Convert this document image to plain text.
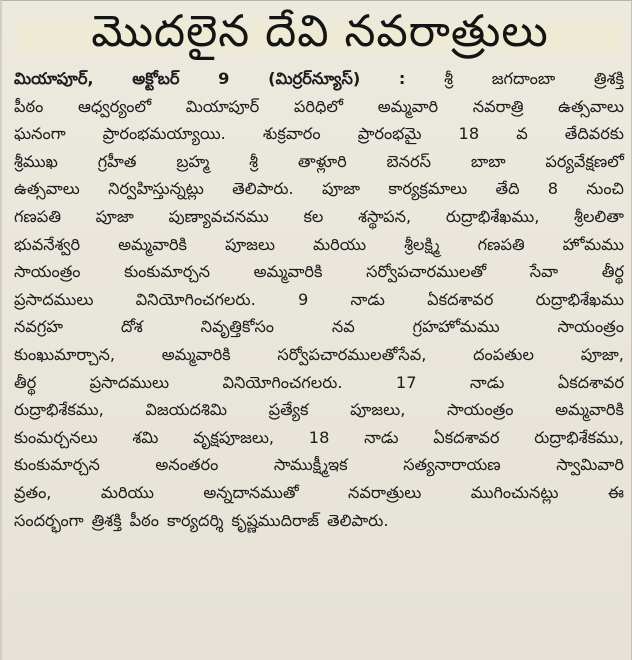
మొదలైన దేవి నవరాత్రులు
మియాపూర్, అక్టోబర్ 9 (మిర్రర్‌న్యూస్) : శ్రీ జగదాంబా త్రిశక్తి
పీఠం ఆధ్వర్యంలో మియాపూర్ పరిధిలో అమ్మవారి నవరాత్రి ఉత్సవాలు
ఘనంగా ప్రారంభమయ్యాయి. శుక్రవారం ప్రారంభమై 18 వ తేదివరకు
శ్రీముఖ గ్రహీత బ్రహ్మ శ్రీ తాళ్లూరి బెనరస్ బాబా పర్యవేక్షణలో
ఉత్సవాలు నిర్వహిస్తున్నట్లు తెలిపారు. పూజా కార్యక్రమాలు తేది 8 నుంచి
గణపతి పూజా పుణ్యావచనము కల శస్థాపన, రుద్రాభిశేఖము, శ్రీలలితా
భువనేశ్వరి అమ్మవారికి పూజలు మరియు శ్రీలక్ష్మి గణపతి హోమము
సాయంత్రం	కుంకుమార్చన	అమ్మవారికి	సర్వోపచారములతో	సేవా	తీర్థ
ప్రసాదములు	వినియోగించగలరు.	9	నాడు	ఏకదశావర	రుద్రాభిశేఖము
నవగ్రహ	దోశ	నివృత్తికోసం	నవ	గ్రహహోమము	సాయంత్రం
కుంఖుమార్చాన,	అమ్మవారికి	సర్వోపచారములతోసేవ,	దంపతుల	పూజా,
తీర్థ	ప్రసాదములు	వినియోగించగలరు.	17	నాడు	ఏకదశావర
రుద్రాభిశేకము,	విజయదశిమి	ప్రత్యేక	పూజలు,	సాయంత్రం	అమ్మవారికి
కుంమర్చనలు శమి వృక్షపూజలు, 18 నాడు ఏకదశావర రుద్రాభిశేకము,
కుంకుమార్చన	అనంతరం	సాముక్ష్మీఇక	సత్యనారాయణ	స్వామివారి
వ్రతం,	మరియు	అన్నదానముతో	నవరాత్రులు	ముగించునట్లు	ఈ
సందర్భంగా త్రిశక్తి పీఠం కార్యదర్శి కృష్ణముదిరాజ్ తెలిపారు.
